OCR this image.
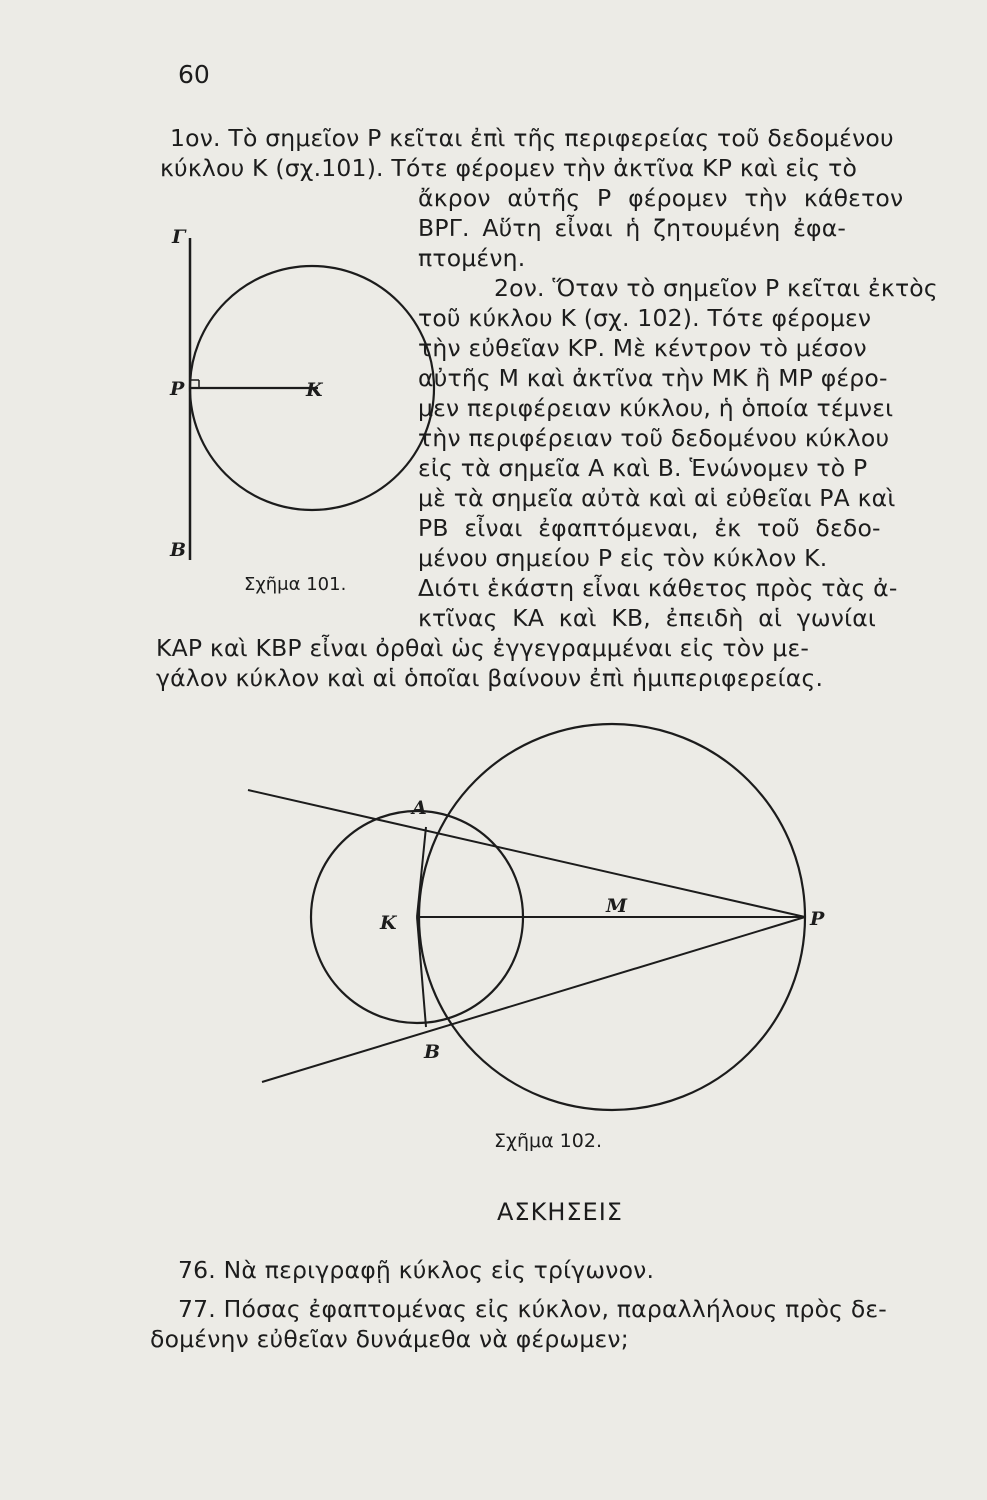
60
1ον. Τὸ σημεῖον Ρ κεῖται ἐπὶ τῆς περιφερείας τοῦ δεδομένου
κύκλου Κ (σχ.101). Τότε φέρομεν τὴν ἀκτῖνα ΚΡ καὶ εἰς τὸ
ἄκρον αὐτῆς Ρ φέρομεν τὴν κάθετον
ΒΡΓ. Αὕτη εἶναι ἡ ζητουμένη ἐφα-
πτομένη.
2ον. Ὅταν τὸ σημεῖον Ρ κεῖται ἐκτὸς
τοῦ κύκλου Κ (σχ. 102). Τότε φέρομεν
τὴν εὐθεῖαν ΚΡ. Μὲ κέντρον τὸ μέσον
αὐτῆς Μ καὶ ἀκτῖνα τὴν ΜΚ ἢ ΜΡ φέρο-
μεν περιφέρειαν κύκλου, ἡ ὁποία τέμνει
τὴν περιφέρειαν τοῦ δεδομένου κύκλου
εἰς τὰ σημεῖα Α καὶ Β. Ἑνώνομεν τὸ Ρ
μὲ τὰ σημεῖα αὐτὰ καὶ αἱ εὐθεῖαι ΡΑ καὶ
ΡΒ εἶναι ἐφαπτόμεναι, ἐκ τοῦ δεδο-
μένου σημείου Ρ εἰς τὸν κύκλον Κ.
Διότι ἑκάστη εἶναι κάθετος πρὸς τὰς ἀ-
κτῖνας ΚΑ καὶ ΚΒ, ἐπειδὴ αἱ γωνίαι
ΚΑΡ καὶ ΚΒΡ εἶναι ὀρθαὶ ὡς ἐγγεγραμμέναι εἰς τὸν με-
γάλον κύκλον καὶ αἱ ὁποῖαι βαίνουν ἐπὶ ἡμιπεριφερείας.
Γ
Ρ	Κ
Β
Σχῆμα 101.
Α
Κ
Μ
Ρ
Β
Σχῆμα 102.
ΑΣΚΗΣΕΙΣ
76. Νὰ περιγραφῇ κύκλος εἰς τρίγωνον.
77. Πόσας ἐφαπτομένας εἰς κύκλον, παραλλήλους πρὸς δε-
δομένην εὐθεῖαν δυνάμεθα νὰ φέρωμεν;
